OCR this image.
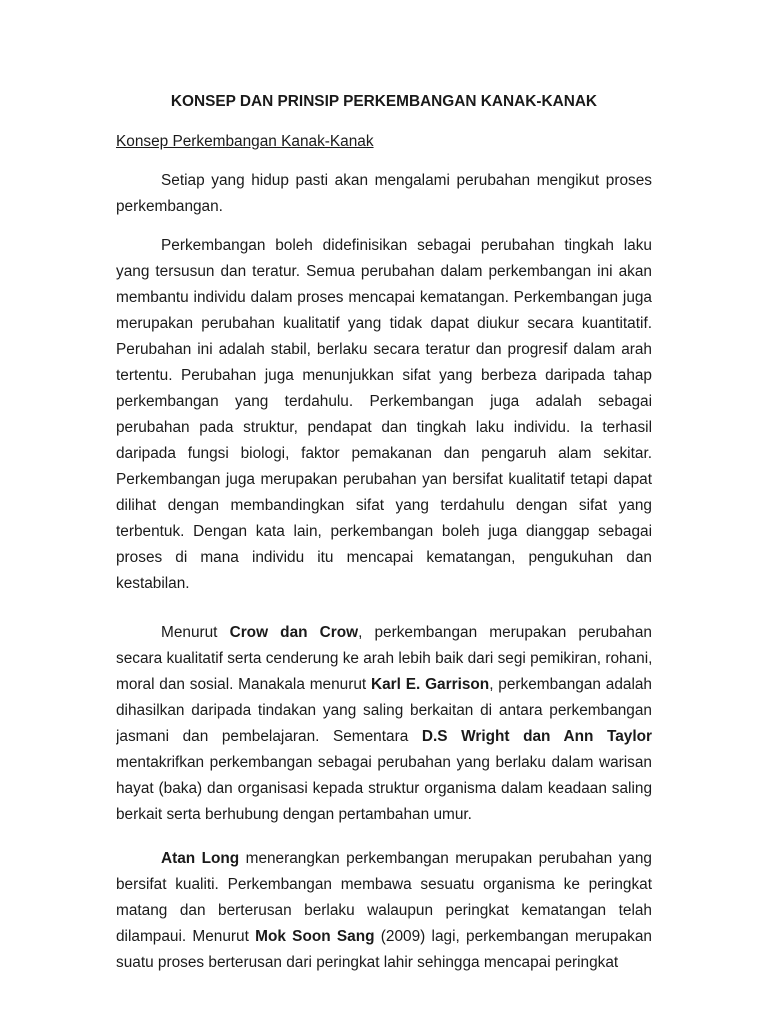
KONSEP DAN PRINSIP PERKEMBANGAN KANAK-KANAK
Konsep Perkembangan Kanak-Kanak
Setiap yang hidup pasti akan mengalami perubahan mengikut proses
perkembangan.
Perkembangan boleh didefinisikan sebagai perubahan tingkah laku
yang tersusun dan teratur. Semua perubahan dalam perkembangan ini akan
membantu individu dalam proses mencapai kematangan. Perkembangan juga
merupakan perubahan kualitatif yang tidak dapat diukur secara kuantitatif.
Perubahan ini adalah stabil, berlaku secara teratur dan progresif dalam arah
tertentu. Perubahan juga menunjukkan sifat yang berbeza daripada tahap
perkembangan yang terdahulu. Perkembangan juga adalah sebagai
perubahan pada struktur, pendapat dan tingkah laku individu. Ia terhasil
daripada fungsi biologi, faktor pemakanan dan pengaruh alam sekitar.
Perkembangan juga merupakan perubahan yan bersifat kualitatif tetapi dapat
dilihat dengan membandingkan sifat yang terdahulu dengan sifat yang
terbentuk. Dengan kata lain, perkembangan boleh juga dianggap sebagai
proses di mana individu itu mencapai kematangan, pengukuhan dan
kestabilan.
Menurut Crow dan Crow, perkembangan merupakan perubahan
secara kualitatif serta cenderung ke arah lebih baik dari segi pemikiran, rohani,
moral dan sosial. Manakala menurut Karl E. Garrison, perkembangan adalah
dihasilkan daripada tindakan yang saling berkaitan di antara perkembangan
jasmani dan pembelajaran. Sementara D.S Wright dan Ann Taylor
mentakrifkan perkembangan sebagai perubahan yang berlaku dalam warisan
hayat (baka) dan organisasi kepada struktur organisma dalam keadaan saling
berkait serta berhubung dengan pertambahan umur.
Atan Long menerangkan perkembangan merupakan perubahan yang
bersifat kualiti. Perkembangan membawa sesuatu organisma ke peringkat
matang dan berterusan berlaku walaupun peringkat kematangan telah
dilampaui. Menurut Mok Soon Sang (2009) lagi, perkembangan merupakan
suatu proses berterusan dari peringkat lahir sehingga mencapai peringkat
